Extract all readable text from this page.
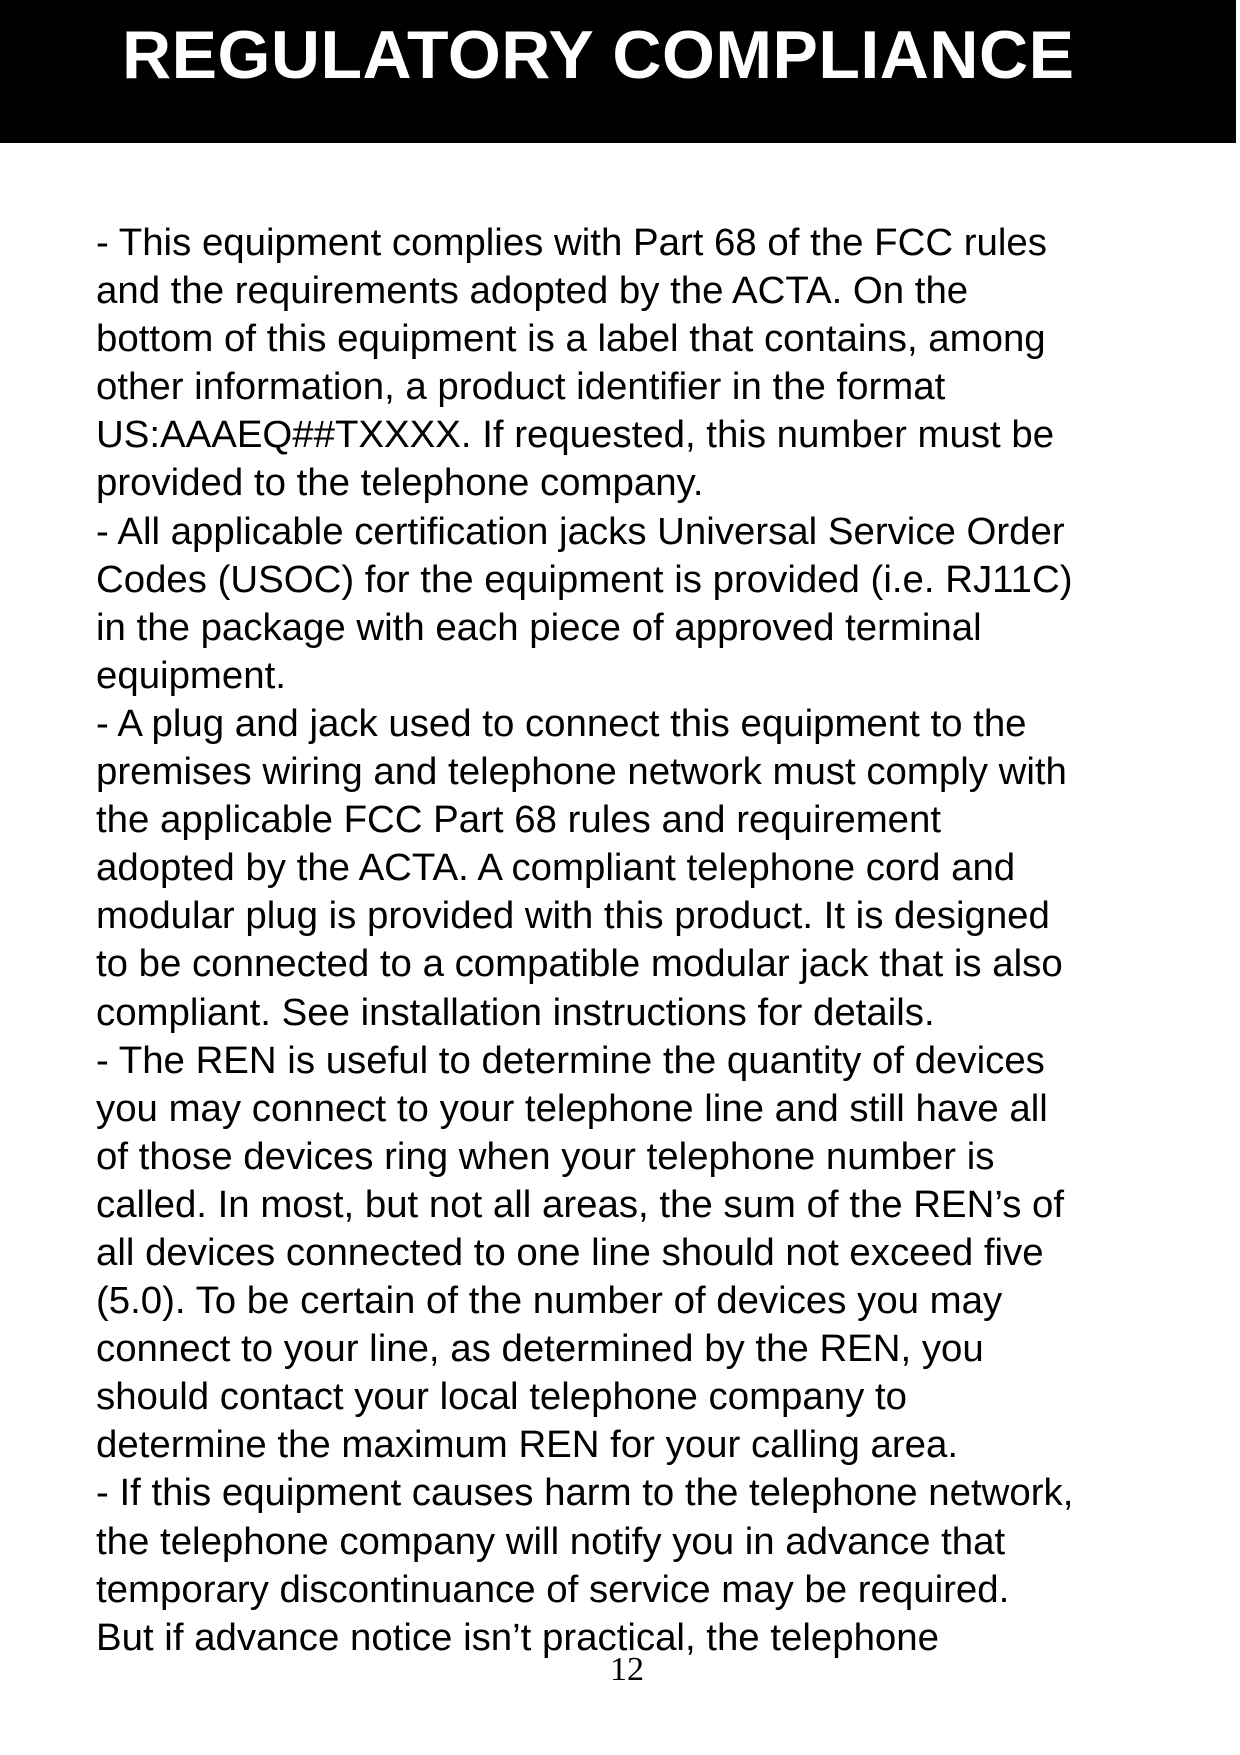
REGULATORY COMPLIANCE

- This equipment complies with Part 68 of the FCC rules
and the requirements adopted by the ACTA. On the
bottom of this equipment is a label that contains, among
other information, a product identifier in the format
US:AAAEQ##TXXXX. If requested, this number must be
provided to the telephone company.

- All applicable certification jacks Universal Service Order
Codes (USOC) for the equipment is provided (i.e. RJ11C)
in the package with each piece of approved terminal
equipment.

- A plug and jack used to connect this equipment to the
premises wiring and telephone network must comply with
the applicable FCC Part 68 rules and requirement
adopted by the ACTA. A compliant telephone cord and
modular plug is provided with this product. It is designed
to be connected to a compatible modular jack that is also
compliant. See installation instructions for details.

- The REN is useful to determine the quantity of devices
you may connect to your telephone line and still have all
of those devices ring when your telephone number is
called. In most, but not all areas, the sum of the REN’s of
all devices connected to one line should not exceed five
(5.0). To be certain of the number of devices you may
connect to your line, as determined by the REN, you
should contact your local telephone company to
determine the maximum REN for your calling area.

- If this equipment causes harm to the telephone network,
the telephone company will notify you in advance that
temporary discontinuance of service may be required.
But if advance notice isn’t practical, the telephone

12
